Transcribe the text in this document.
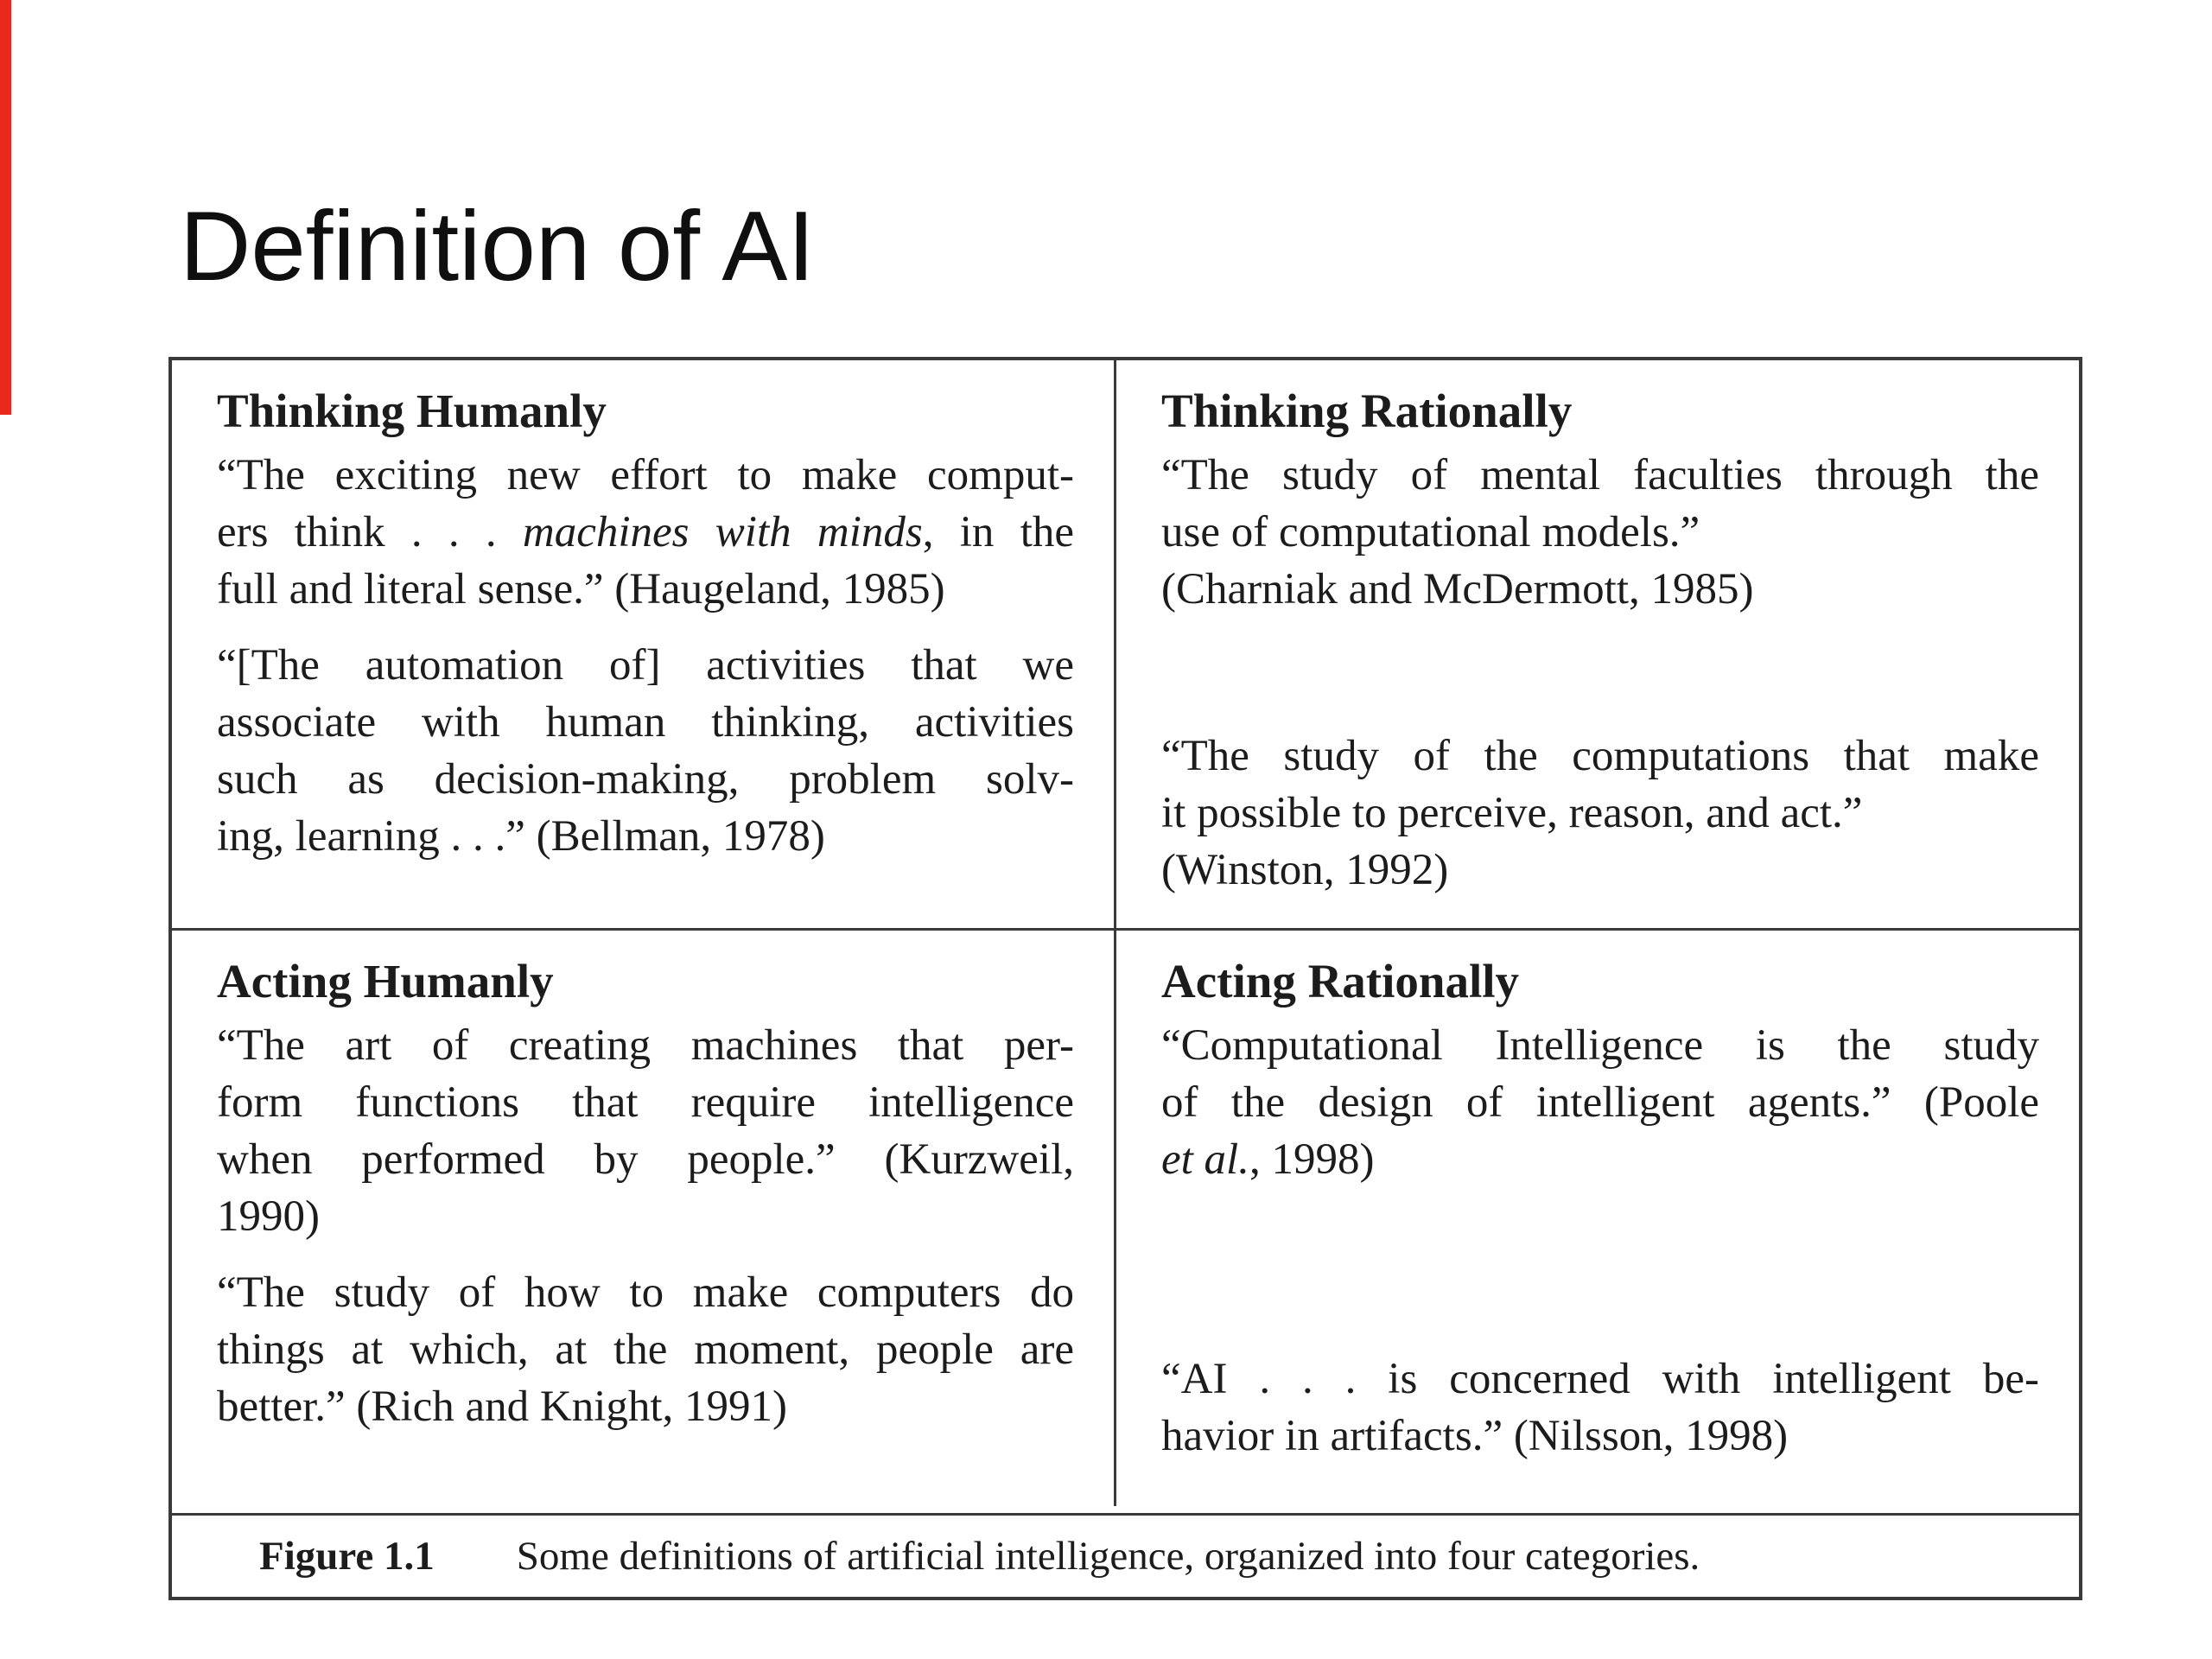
Definition of AI
Thinking Humanly
“The exciting new effort to make comput-
ers think . . . machines with minds, in the
full and literal sense.” (Haugeland, 1985)
“[The automation of] activities that we
associate with human thinking, activities
such as decision-making, problem solv-
ing, learning . . .” (Bellman, 1978)
Thinking Rationally
“The study of mental faculties through the
use of computational models.”
(Charniak and McDermott, 1985)
“The study of the computations that make
it possible to perceive, reason, and act.”
(Winston, 1992)
Acting Humanly
“The art of creating machines that per-
form functions that require intelligence
when performed by people.” (Kurzweil,
1990)
“The study of how to make computers do
things at which, at the moment, people are
better.” (Rich and Knight, 1991)
Acting Rationally
“Computational Intelligence is the study
of the design of intelligent agents.” (Poole
et al., 1998)
“AI . . . is concerned with intelligent be-
havior in artifacts.” (Nilsson, 1998)
Figure 1.1 Some definitions of artificial intelligence, organized into four categories.
